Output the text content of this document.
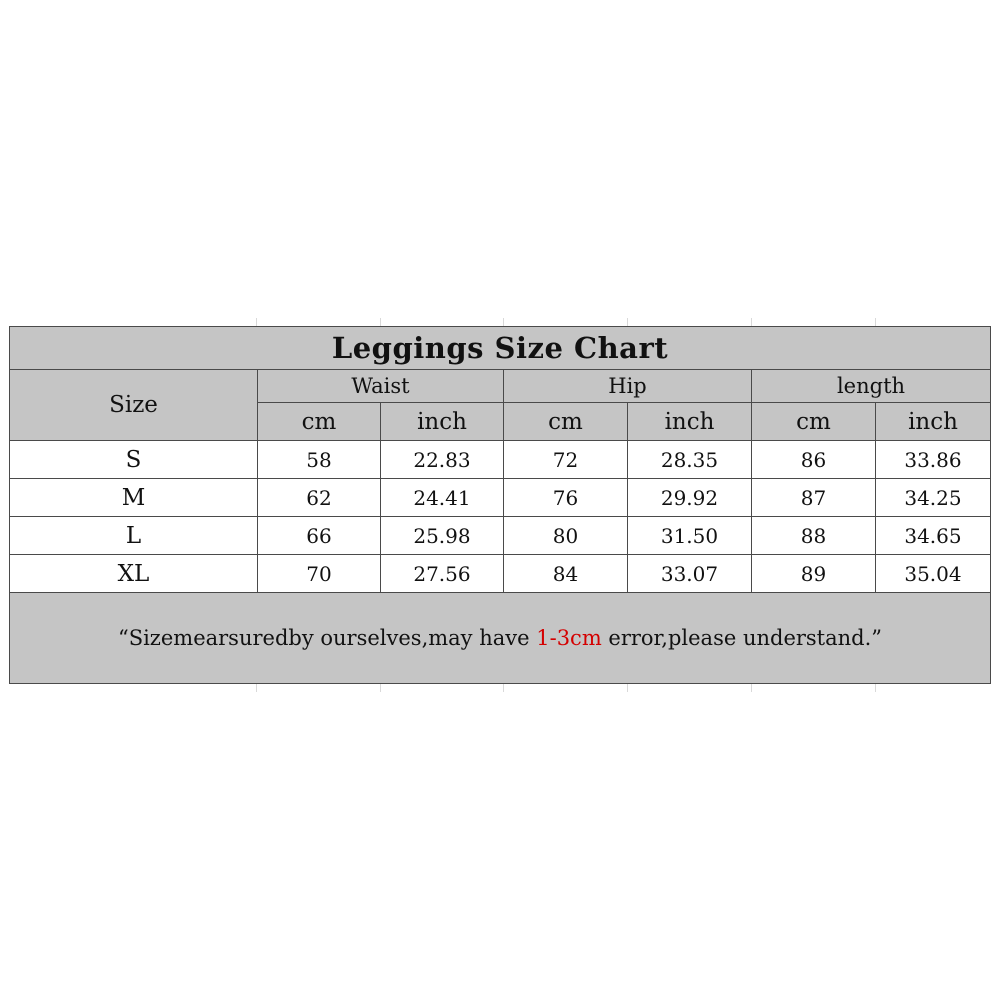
Leggings Size Chart						
Size	Waist		Hip		length	
	cm	inch	cm	inch	cm	inch
S	58	22.83	72	28.35	86	33.86
M	62	24.41	76	29.92	87	34.25
L	66	25.98	80	31.50	88	34.65
XL	70	27.56	84	33.07	89	35.04
“Sizemearsuredby ourselves,may have 1-3cm error,please understand.”						
